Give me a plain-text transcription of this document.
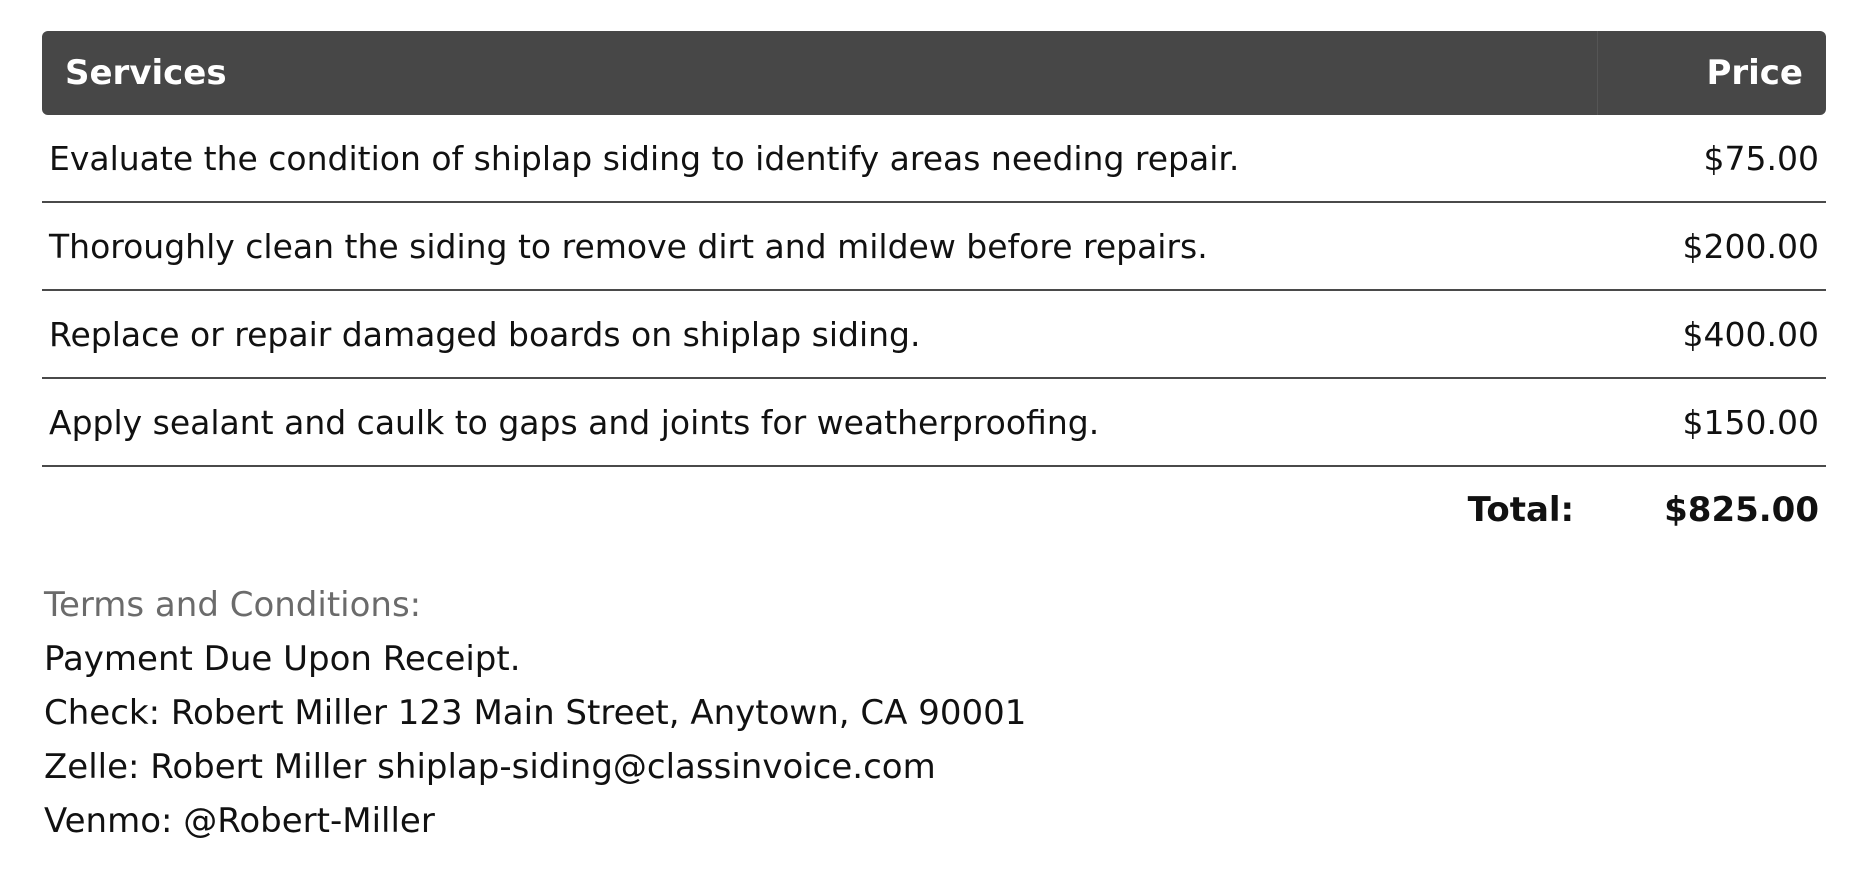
Services	Price
Evaluate the condition of shiplap siding to identify areas needing repair.	$75.00
Thoroughly clean the siding to remove dirt and mildew before repairs.	$200.00
Replace or repair damaged boards on shiplap siding.	$400.00
Apply sealant and caulk to gaps and joints for weatherproofing.	$150.00
Total:	$825.00
Terms and Conditions:
Payment Due Upon Receipt.
Check: Robert Miller 123 Main Street, Anytown, CA 90001
Zelle: Robert Miller shiplap-siding@classinvoice.com
Venmo: @Robert-Miller
